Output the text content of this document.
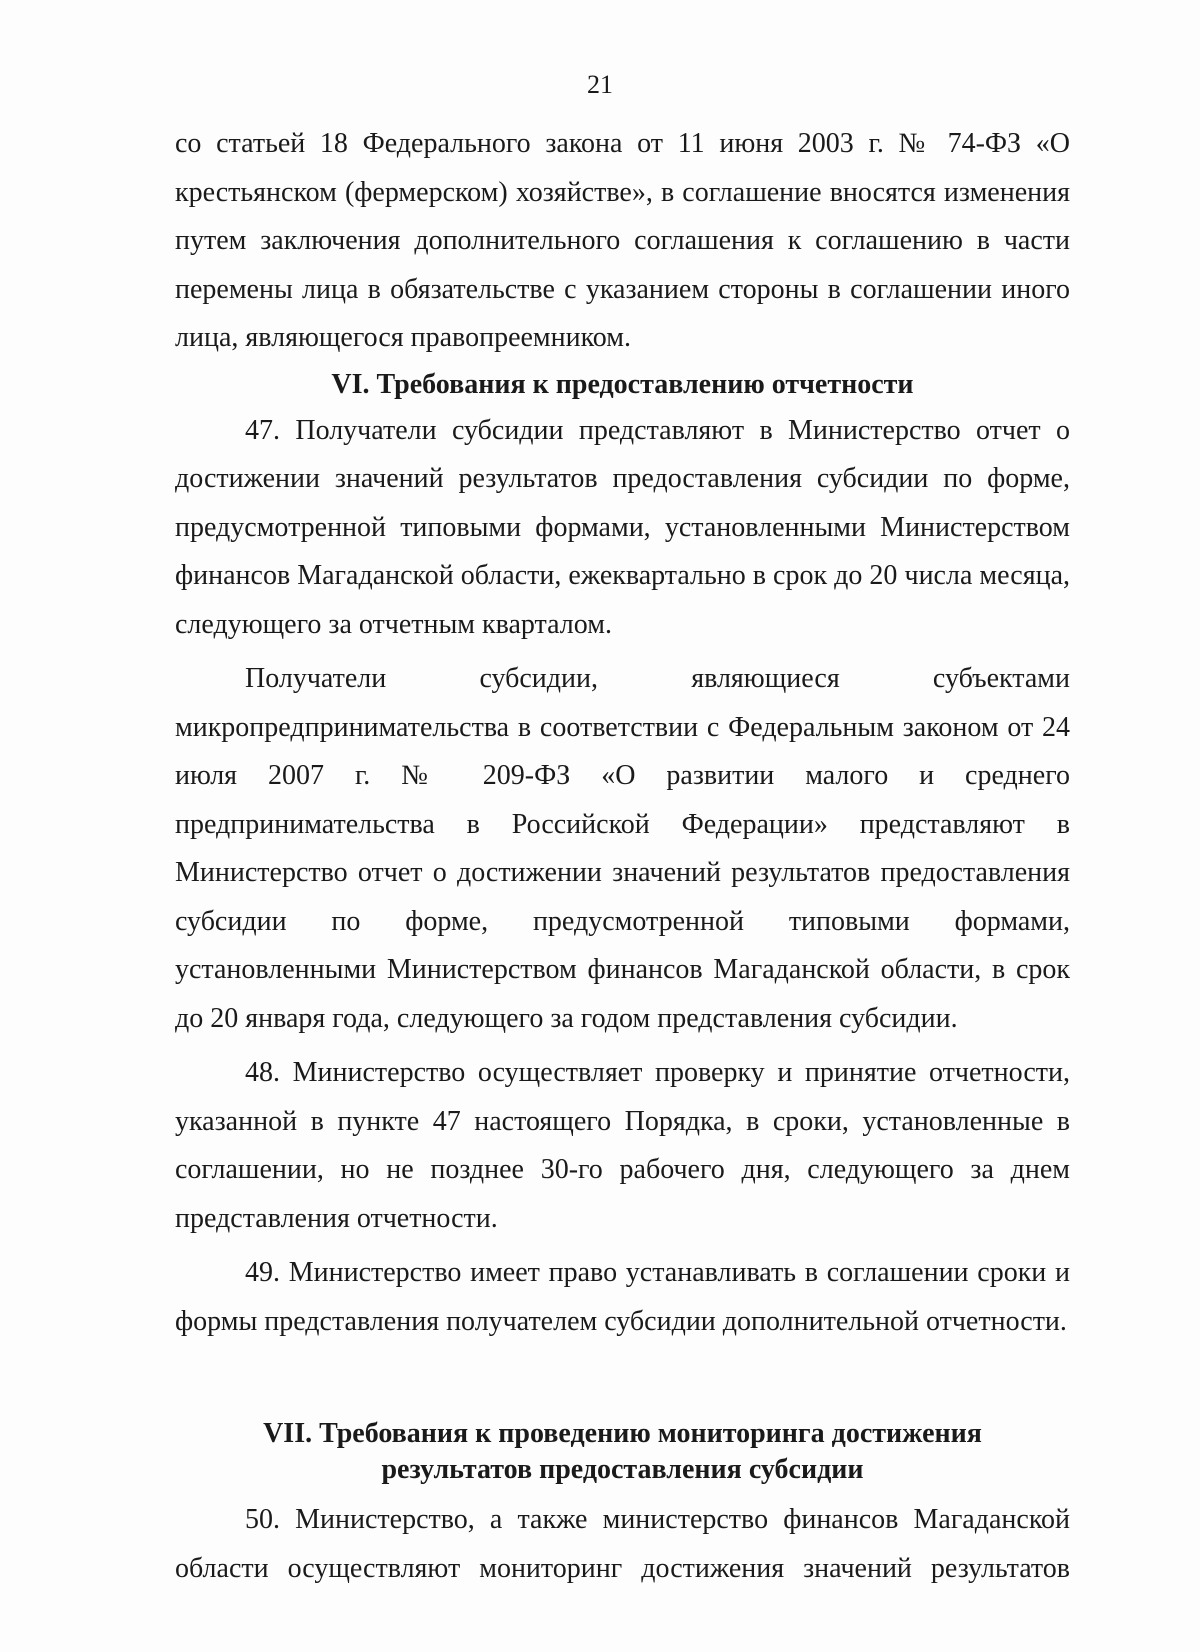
21

со статьей 18 Федерального закона от 11 июня 2003 г. № 74-ФЗ «О крестьянском (фермерском) хозяйстве», в соглашение вносятся изменения путем заключения дополнительного соглашения к соглашению в части перемены лица в обязательстве с указанием стороны в соглашении иного лица, являющегося правопреемником.

VI. Требования к предоставлению отчетности

47. Получатели субсидии представляют в Министерство отчет о достижении значений результатов предоставления субсидии по форме, предусмотренной типовыми формами, установленными Министерством финансов Магаданской области, ежеквартально в срок до 20 числа месяца, следующего за отчетным кварталом.

Получатели субсидии, являющиеся субъектами микропредпринимательства в соответствии с Федеральным законом от 24 июля 2007 г. № 209-ФЗ «О развитии малого и среднего предпринимательства в Российской Федерации» представляют в Министерство отчет о достижении значений результатов предоставления субсидии по форме, предусмотренной типовыми формами, установленными Министерством финансов Магаданской области, в срок до 20 января года, следующего за годом представления субсидии.

48. Министерство осуществляет проверку и принятие отчетности, указанной в пункте 47 настоящего Порядка, в сроки, установленные в соглашении, но не позднее 30-го рабочего дня, следующего за днем представления отчетности.

49. Министерство имеет право устанавливать в соглашении сроки и формы представления получателем субсидии дополнительной отчетности.

VII. Требования к проведению мониторинга достижения
результатов предоставления субсидии

50. Министерство, а также министерство финансов Магаданской области осуществляют мониторинг достижения значений результатов
